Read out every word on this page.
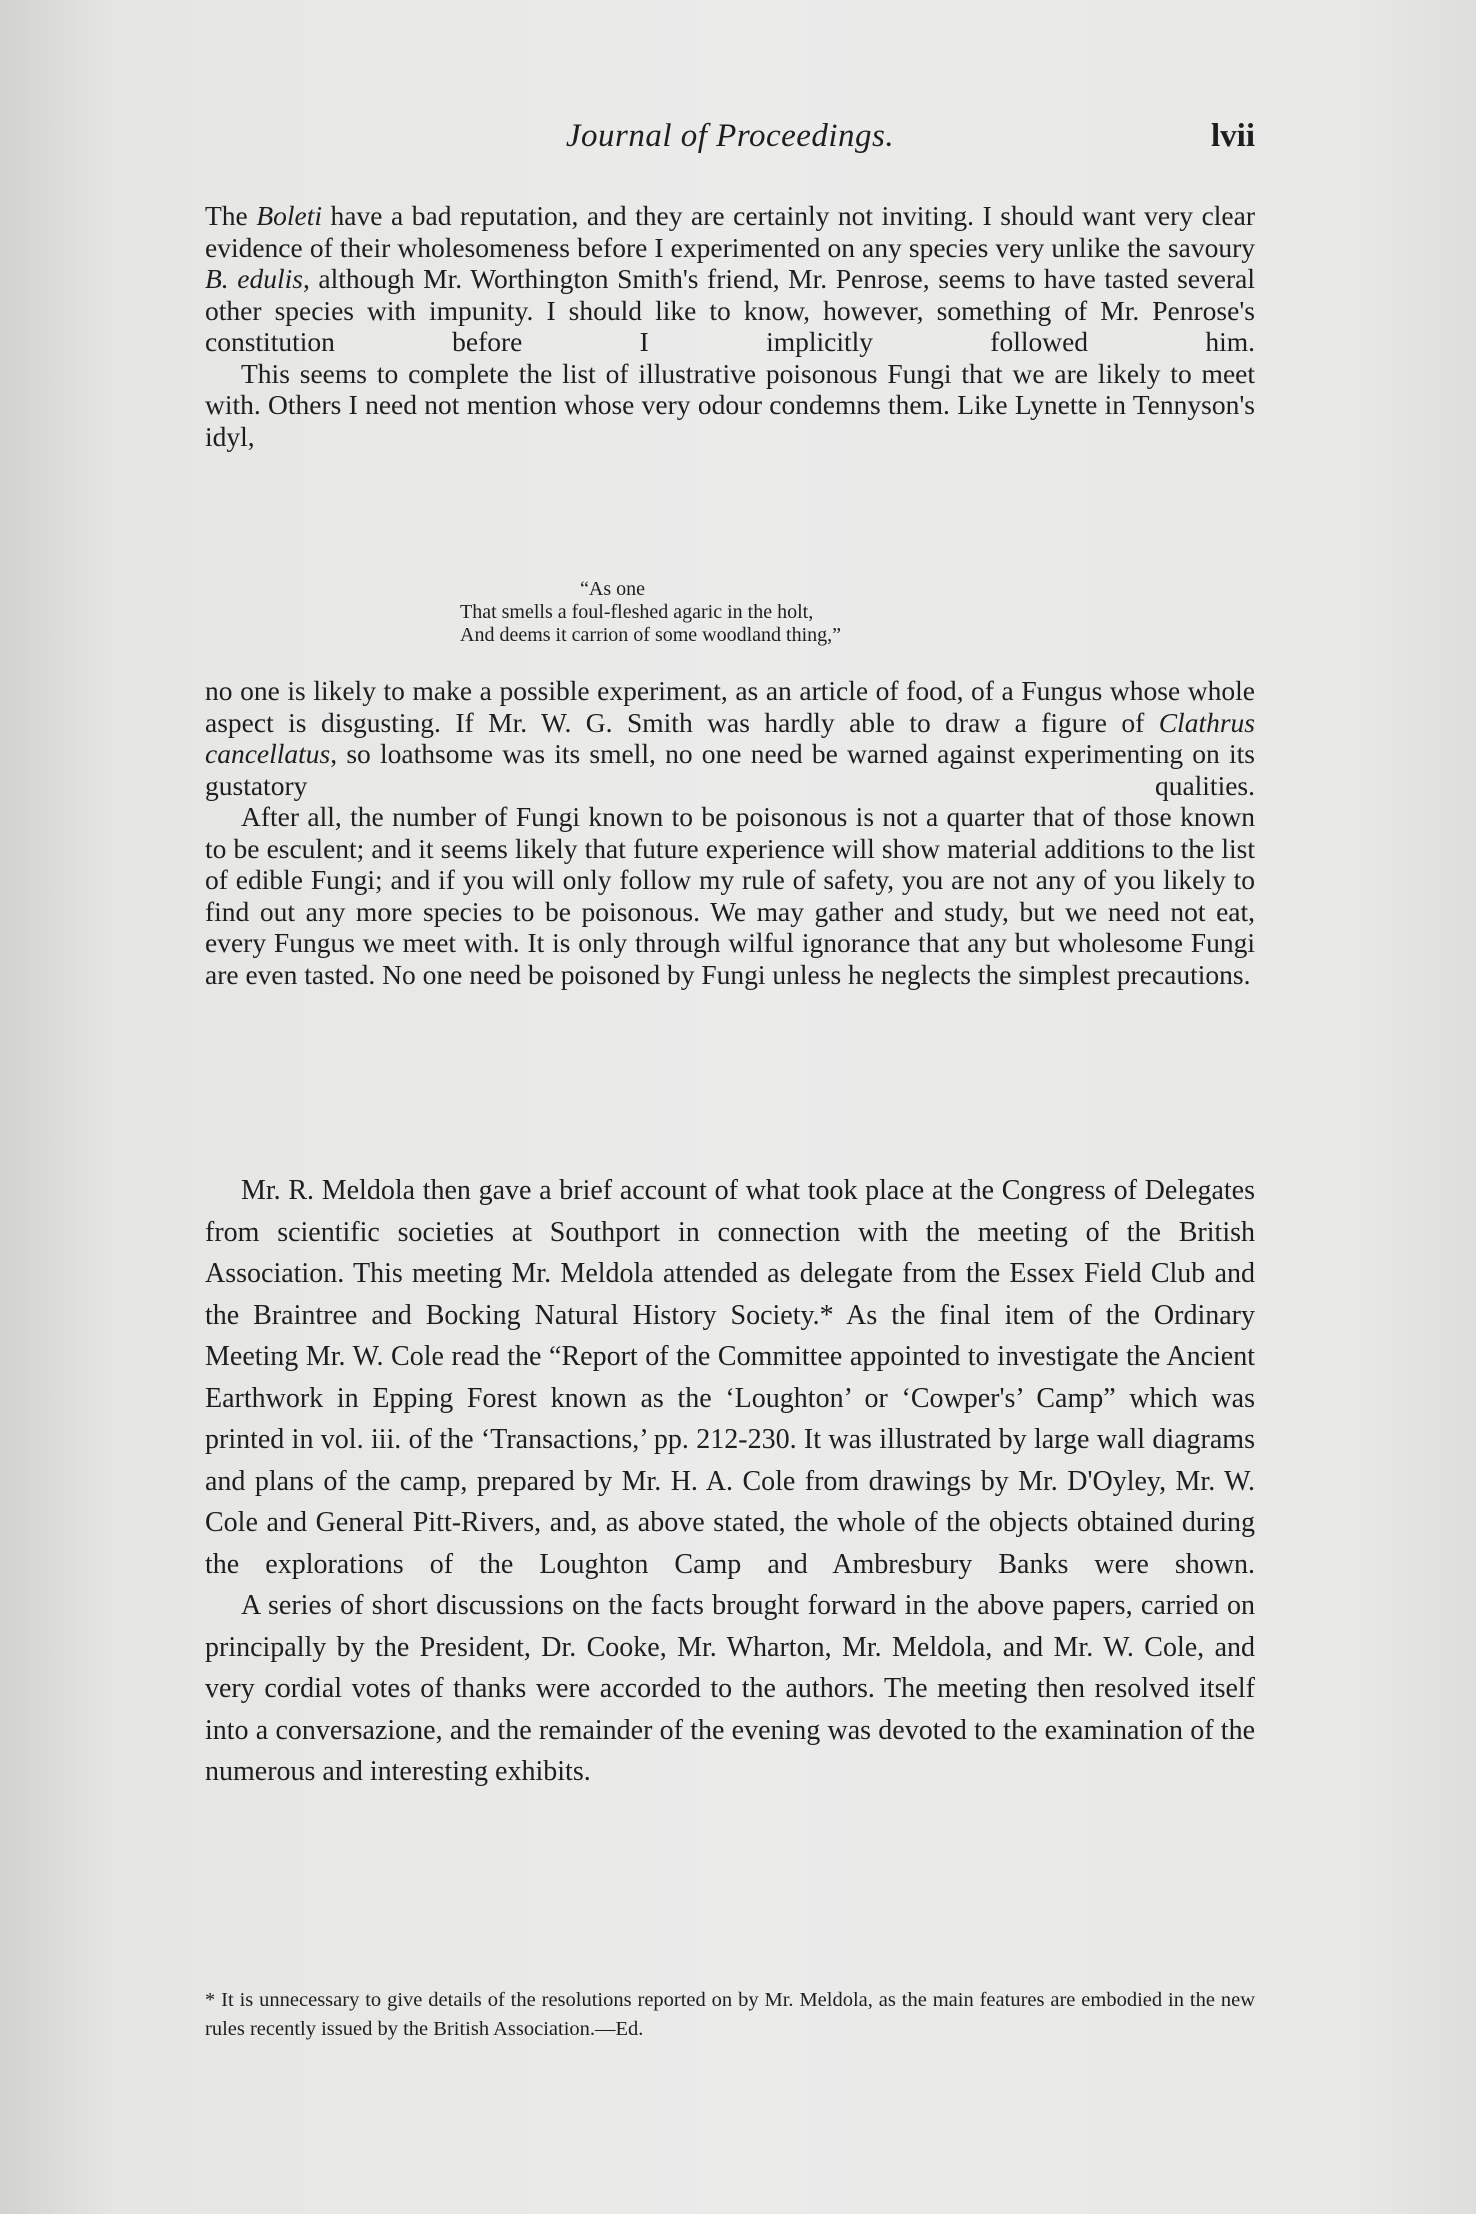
Journal of Proceedings.	lvii

The Boleti have a bad reputation, and they are certainly not inviting. I should want very clear evidence of their wholesomeness before I experimented on any species very unlike the savoury B. edulis, although Mr. Worthington Smith's friend, Mr. Penrose, seems to have tasted several other species with impunity. I should like to know, however, something of Mr. Penrose's constitution before I implicitly followed him.

This seems to complete the list of illustrative poisonous Fungi that we are likely to meet with. Others I need not mention whose very odour condemns them. Like Lynette in Tennyson's idyl,

“As one
That smells a foul-fleshed agaric in the holt,
And deems it carrion of some woodland thing,”

no one is likely to make a possible experiment, as an article of food, of a Fungus whose whole aspect is disgusting. If Mr. W. G. Smith was hardly able to draw a figure of Clathrus cancellatus, so loathsome was its smell, no one need be warned against experimenting on its gustatory qualities.

After all, the number of Fungi known to be poisonous is not a quarter that of those known to be esculent; and it seems likely that future experience will show material additions to the list of edible Fungi; and if you will only follow my rule of safety, you are not any of you likely to find out any more species to be poisonous. We may gather and study, but we need not eat, every Fungus we meet with. It is only through wilful ignorance that any but wholesome Fungi are even tasted. No one need be poisoned by Fungi unless he neglects the simplest precautions.

Mr. R. Meldola then gave a brief account of what took place at the Congress of Delegates from scientific societies at Southport in connection with the meeting of the British Association. This meeting Mr. Meldola attended as delegate from the Essex Field Club and the Braintree and Bocking Natural History Society.* As the final item of the Ordinary Meeting Mr. W. Cole read the “Report of the Committee appointed to investigate the Ancient Earthwork in Epping Forest known as the ‘Loughton’ or ‘Cowper's’ Camp” which was printed in vol. iii. of the ‘Transactions,’ pp. 212-230. It was illustrated by large wall diagrams and plans of the camp, prepared by Mr. H. A. Cole from drawings by Mr. D'Oyley, Mr. W. Cole and General Pitt-Rivers, and, as above stated, the whole of the objects obtained during the explorations of the Loughton Camp and Ambresbury Banks were shown.

A series of short discussions on the facts brought forward in the above papers, carried on principally by the President, Dr. Cooke, Mr. Wharton, Mr. Meldola, and Mr. W. Cole, and very cordial votes of thanks were accorded to the authors. The meeting then resolved itself into a conversazione, and the remainder of the evening was devoted to the examination of the numerous and interesting exhibits.

* It is unnecessary to give details of the resolutions reported on by Mr. Meldola, as the main features are embodied in the new rules recently issued by the British Association.—Ed.
